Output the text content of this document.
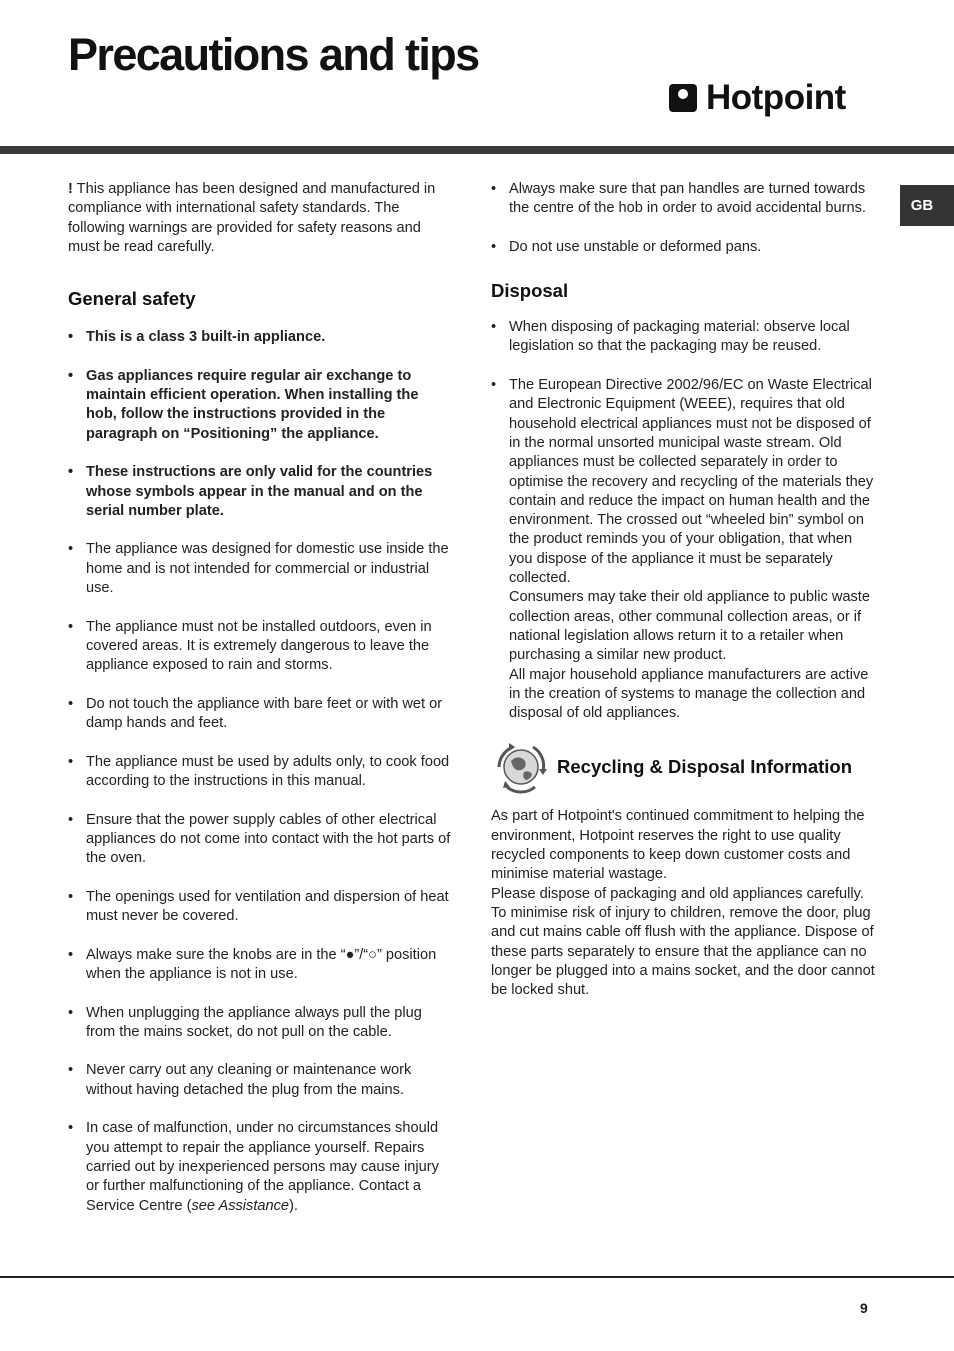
Precautions and tips
Hotpoint
GB

! This appliance has been designed and manufactured in compliance with international safety standards. The following warnings are provided for safety reasons and must be read carefully.

General safety
• This is a class 3 built-in appliance.
• Gas appliances require regular air exchange to maintain efficient operation. When installing the hob, follow the instructions provided in the paragraph on “Positioning” the appliance.
• These instructions are only valid for the countries whose symbols appear in the manual and on the serial number plate.
• The appliance was designed for domestic use inside the home and is not intended for commercial or industrial use.
• The appliance must not be installed outdoors, even in covered areas. It is extremely dangerous to leave the appliance exposed to rain and storms.
• Do not touch the appliance with bare feet or with wet or damp hands and feet.
• The appliance must be used by adults only, to cook food according to the instructions in this manual.
• Ensure that the power supply cables of other electrical appliances do not come into contact with the hot parts of the oven.
• The openings used for ventilation and dispersion of heat must never be covered.
• Always make sure the knobs are in the “●”/“○” position when the appliance is not in use.
• When unplugging the appliance always pull the plug from the mains socket, do not pull on the cable.
• Never carry out any cleaning or maintenance work without having detached the plug from the mains.
• In case of malfunction, under no circumstances should you attempt to repair the appliance yourself. Repairs carried out by inexperienced persons may cause injury or further malfunctioning of the appliance. Contact a Service Centre (see Assistance).
• Always make sure that pan handles are turned towards the centre of the hob in order to avoid accidental burns.
• Do not use unstable or deformed pans.
Disposal
• When disposing of packaging material: observe local legislation so that the packaging may be reused.

• The European Directive 2002/96/EC on Waste Electrical and Electronic Equipment (WEEE), requires that old household electrical appliances must not be disposed of in the normal unsorted municipal waste stream. Old appliances must be collected separately in order to optimise the recovery and recycling of the materials they contain and reduce the impact on human health and the environment. The crossed out “wheeled bin” symbol on the product reminds you of your obligation, that when you dispose of the appliance it must be separately collected.

Consumers may take their old appliance to public waste collection areas, other communal collection areas, or if national legislation allows return it to a retailer when purchasing a similar new product.

All major household appliance manufacturers are active in the creation of systems to manage the collection and disposal of old appliances.

Recycling & Disposal Information

As part of Hotpoint's continued commitment to helping the environment, Hotpoint reserves the right to use quality recycled components to keep down customer costs and minimise material wastage.

Please dispose of packaging and old appliances carefully.

To minimise risk of injury to children, remove the door, plug and cut mains cable off flush with the appliance. Dispose of these parts separately to ensure that the appliance can no longer be plugged into a mains socket, and the door cannot be locked shut.

9
